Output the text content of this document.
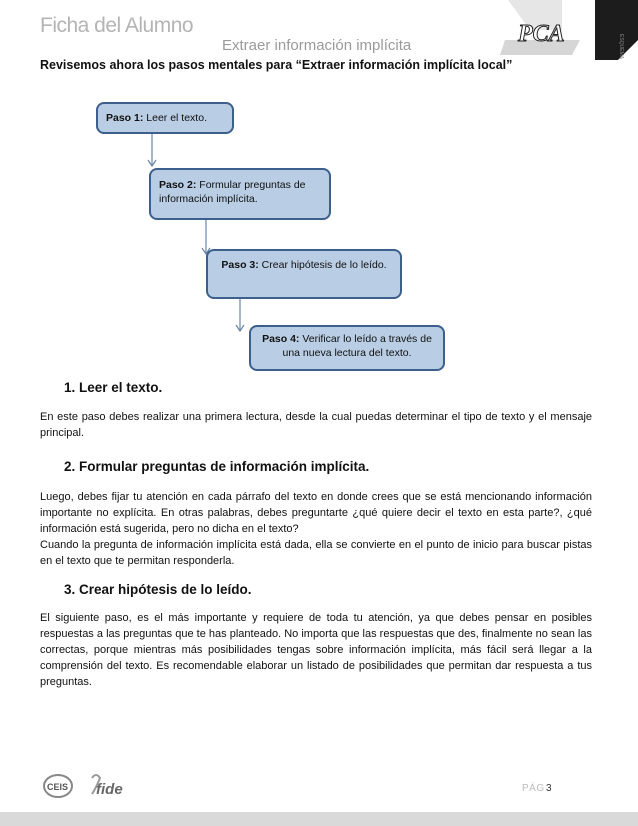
Ficha del Alumno
Extraer información implícita	PCA	ESQUEMA
Revisemos ahora los pasos mentales para “Extraer información implícita local”
Paso 1: Leer el texto.
Paso 2: Formular preguntas de información implícita.
Paso 3: Crear hipótesis de lo leído.
Paso 4: Verificar lo leído a través de una nueva lectura del texto.
1. Leer el texto.
En este paso debes realizar una primera lectura, desde la cual puedas determinar el tipo de texto y el mensaje principal.
2. Formular preguntas de información implícita.
Luego, debes fijar tu atención en cada párrafo del texto en donde crees que se está mencionando información importante no explícita. En otras palabras, debes preguntarte ¿qué quiere decir el texto en esta parte?, ¿qué información está sugerida, pero no dicha en el texto?
Cuando la pregunta de información implícita está dada, ella se convierte en el punto de inicio para buscar pistas en el texto que te permitan responderla.
3. Crear hipótesis de lo leído.
El siguiente paso, es el más importante y requiere de toda tu atención, ya que debes pensar en posibles respuestas a las preguntas que te has planteado. No importa que las respuestas que des, finalmente no sean las correctas, porque mientras más posibilidades tengas sobre información implícita, más fácil será llegar a la comprensión del texto. Es recomendable elaborar un listado de posibilidades que permitan dar respuesta a tus preguntas.
CEIS fide	PÁG 3
